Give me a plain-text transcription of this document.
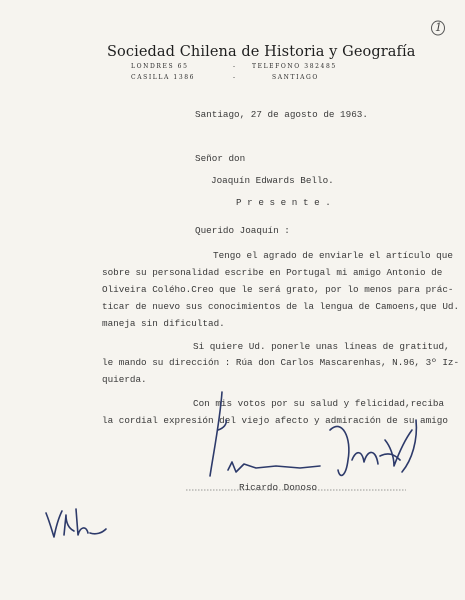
1
Sociedad Chilena de Historia y Geografía
LONDRES 65	-	TELEFONO 382485
CASILLA 1386	-	SANTIAGO
Santiago, 27 de agosto de 1963.
Señor don
Joaquín Edwards Bello.
P r e s e n t e .
Querido Joaquín :
Tengo el agrado de enviarle el artículo que
sobre su personalidad escribe en Portugal mi amigo Antonio de
Oliveira Colého.Creo que le será grato, por lo menos para prác-
ticar de nuevo sus conocimientos de la lengua de Camoens,que Ud.
maneja sin dificultad.
Si quiere Ud. ponerle unas líneas de gratitud,
le mando su dirección : Rúa don Carlos Mascarenhas, N.96, 3º Iz-
quierda.
Con mis votos por su salud y felicidad,reciba
la cordial expresión del viejo afecto y admiración de su amigo
Ricardo Donoso
